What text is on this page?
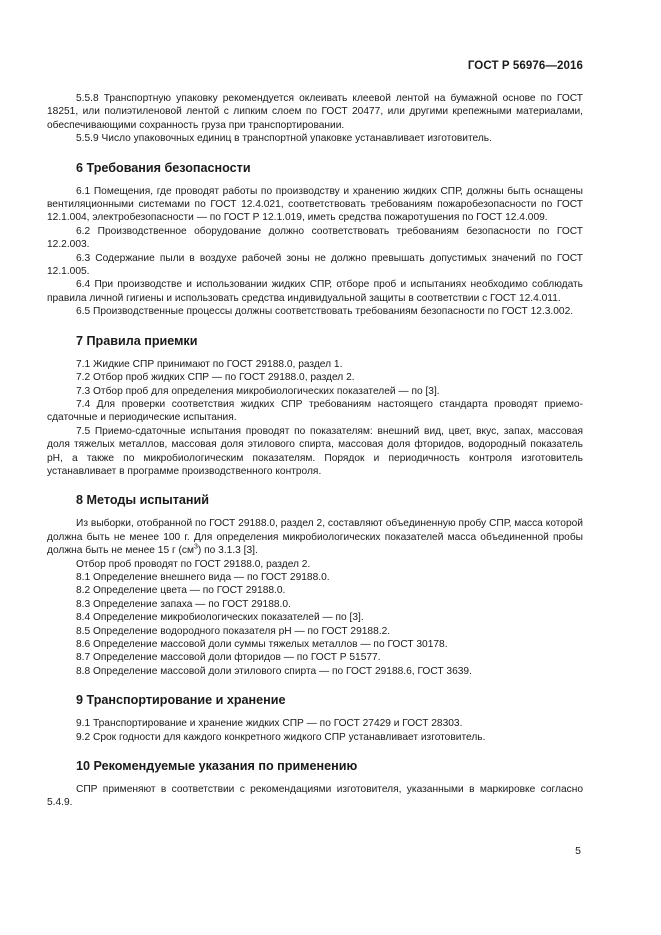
ГОСТ Р 56976—2016

5.5.8 Транспортную упаковку рекомендуется оклеивать клеевой лентой на бумажной основе по ГОСТ 18251, или полиэтиленовой лентой с липким слоем по ГОСТ 20477, или другими крепежными материалами, обеспечивающими сохранность груза при транспортировании.

5.5.9 Число упаковочных единиц в транспортной упаковке устанавливает изготовитель.

6 Требования безопасности

6.1 Помещения, где проводят работы по производству и хранению жидких СПР, должны быть оснащены вентиляционными системами по ГОСТ 12.4.021, соответствовать требованиям пожаробезопасности по ГОСТ 12.1.004, электробезопасности — по ГОСТ Р 12.1.019, иметь средства пожаротушения по ГОСТ 12.4.009.

6.2 Производственное оборудование должно соответствовать требованиям безопасности по ГОСТ 12.2.003.

6.3 Содержание пыли в воздухе рабочей зоны не должно превышать допустимых значений по ГОСТ 12.1.005.

6.4 При производстве и использовании жидких СПР, отборе проб и испытаниях необходимо соблюдать правила личной гигиены и использовать средства индивидуальной защиты в соответствии с ГОСТ 12.4.011.

6.5 Производственные процессы должны соответствовать требованиям безопасности по ГОСТ 12.3.002.

7 Правила приемки

7.1 Жидкие СПР принимают по ГОСТ 29188.0, раздел 1.

7.2 Отбор проб жидких СПР — по ГОСТ 29188.0, раздел 2.

7.3 Отбор проб для определения микробиологических показателей — по [3].

7.4 Для проверки соответствия жидких СПР требованиям настоящего стандарта проводят приемо-сдаточные и периодические испытания.

7.5 Приемо-сдаточные испытания проводят по показателям: внешний вид, цвет, вкус, запах, массовая доля тяжелых металлов, массовая доля этилового спирта, массовая доля фторидов, водородный показатель pH, а также по микробиологическим показателям. Порядок и периодичность контроля изготовитель устанавливает в программе производственного контроля.

8 Методы испытаний

Из выборки, отобранной по ГОСТ 29188.0, раздел 2, составляют объединенную пробу СПР, масса которой должна быть не менее 100 г. Для определения микробиологических показателей масса объединенной пробы должна быть не менее 15 г $(см^3)$ по 3.1.3 [3].

Отбор проб проводят по ГОСТ 29188.0, раздел 2.

8.1 Определение внешнего вида — по ГОСТ 29188.0.

8.2 Определение цвета — по ГОСТ 29188.0.

8.3 Определение запаха — по ГОСТ 29188.0.

8.4 Определение микробиологических показателей — по [3].

8.5 Определение водородного показателя pH — по ГОСТ 29188.2.

8.6 Определение массовой доли суммы тяжелых металлов — по ГОСТ 30178.

8.7 Определение массовой доли фторидов — по ГОСТ Р 51577.

8.8 Определение массовой доли этилового спирта — по ГОСТ 29188.6, ГОСТ 3639.

9 Транспортирование и хранение

9.1 Транспортирование и хранение жидких СПР — по ГОСТ 27429 и ГОСТ 28303.

9.2 Срок годности для каждого конкретного жидкого СПР устанавливает изготовитель.

10 Рекомендуемые указания по применению

СПР применяют в соответствии с рекомендациями изготовителя, указанными в маркировке согласно 5.4.9.

5
